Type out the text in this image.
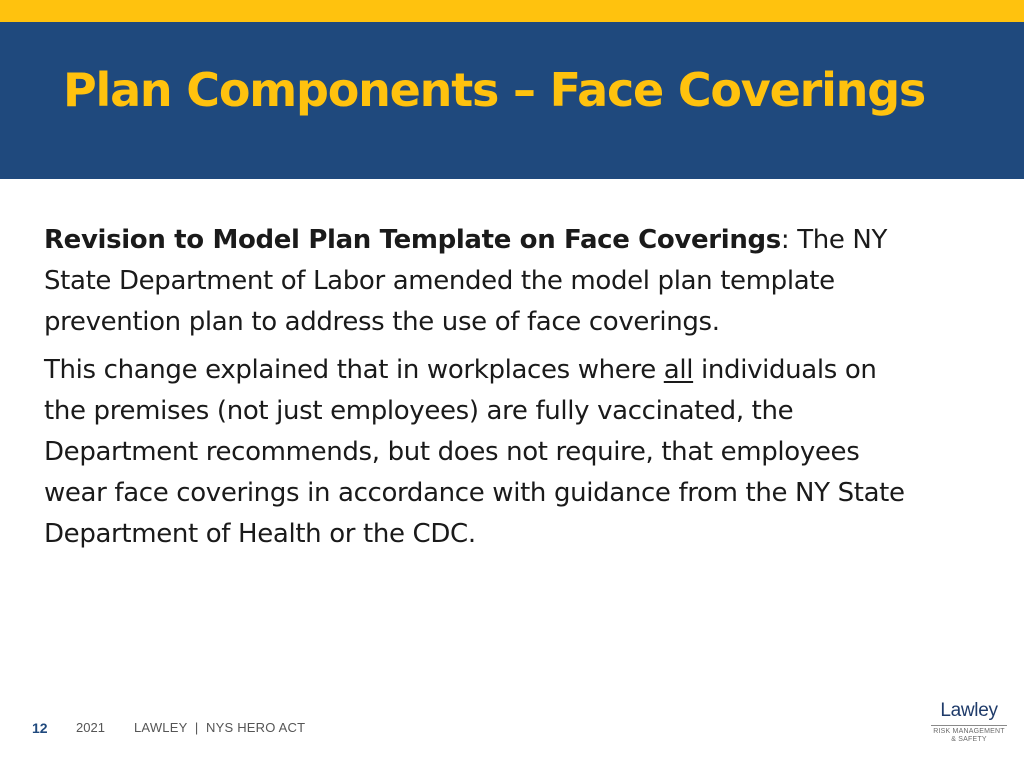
Plan Components – Face Coverings

Revision to Model Plan Template on Face Coverings: The NY State Department of Labor amended the model plan template prevention plan to address the use of face coverings.

This change explained that in workplaces where all individuals on the premises (not just employees) are fully vaccinated, the Department recommends, but does not require, that employees wear face coverings in accordance with guidance from the NY State Department of Health or the CDC.

12 2021 LAWLEY  |  NYS HERO ACT
Lawley
RISK MANAGEMENT
& SAFETY
